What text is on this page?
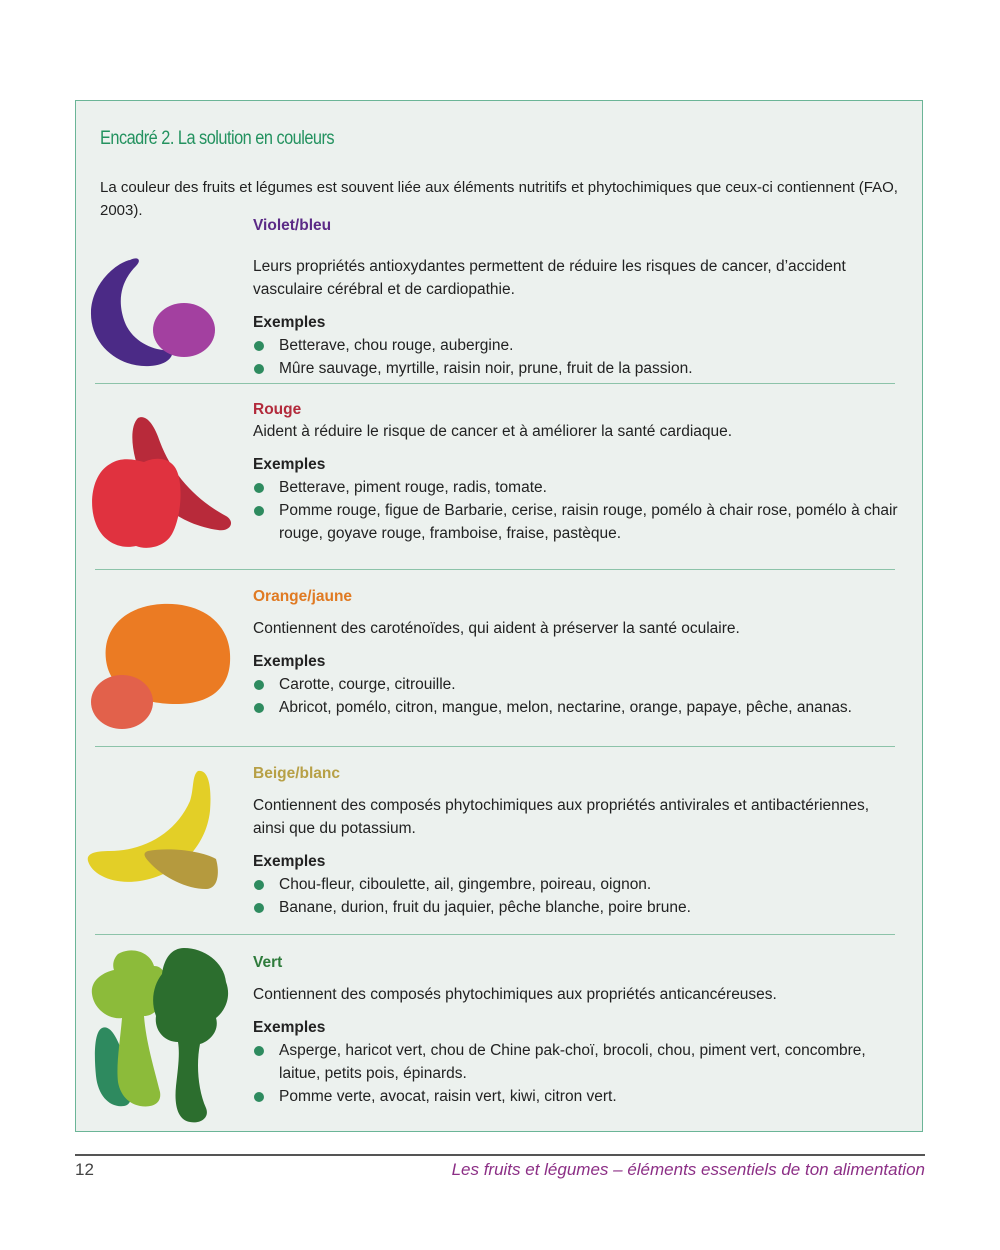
Encadré 2. La solution en couleurs
La couleur des fruits et légumes est souvent liée aux éléments nutritifs et phytochimiques que ceux-ci contiennent (FAO, 2003).

Violet/bleu

Leurs propriétés antioxydantes permettent de réduire les risques de cancer, d’accident vasculaire cérébral et de cardiopathie.

Exemples

Betterave, chou rouge, aubergine.
Mûre sauvage, myrtille, raisin noir, prune, fruit de la passion.

Rouge

Aident à réduire le risque de cancer et à améliorer la santé cardiaque.

Exemples

Betterave, piment rouge, radis, tomate.
Pomme rouge, figue de Barbarie, cerise, raisin rouge, pomélo à chair rose, pomélo à chair rouge, goyave rouge, framboise, fraise, pastèque.

Orange/jaune

Contiennent des caroténoïdes, qui aident à préserver la santé oculaire.

Exemples

Carotte, courge, citrouille.
Abricot, pomélo, citron, mangue, melon, nectarine, orange, papaye, pêche, ananas.

Beige/blanc

Contiennent des composés phytochimiques aux propriétés antivirales et antibactériennes, ainsi que du potassium.

Exemples

Chou-fleur, ciboulette, ail, gingembre, poireau, oignon.
Banane, durion, fruit du jaquier, pêche blanche, poire brune.

Vert

Contiennent des composés phytochimiques aux propriétés anticancéreuses.

Exemples

Asperge, haricot vert, chou de Chine pak-choï, brocoli, chou, piment vert, concombre, laitue, petits pois, épinards.
Pomme verte, avocat, raisin vert, kiwi, citron vert.
12	Les fruits et légumes – éléments essentiels de ton alimentation
